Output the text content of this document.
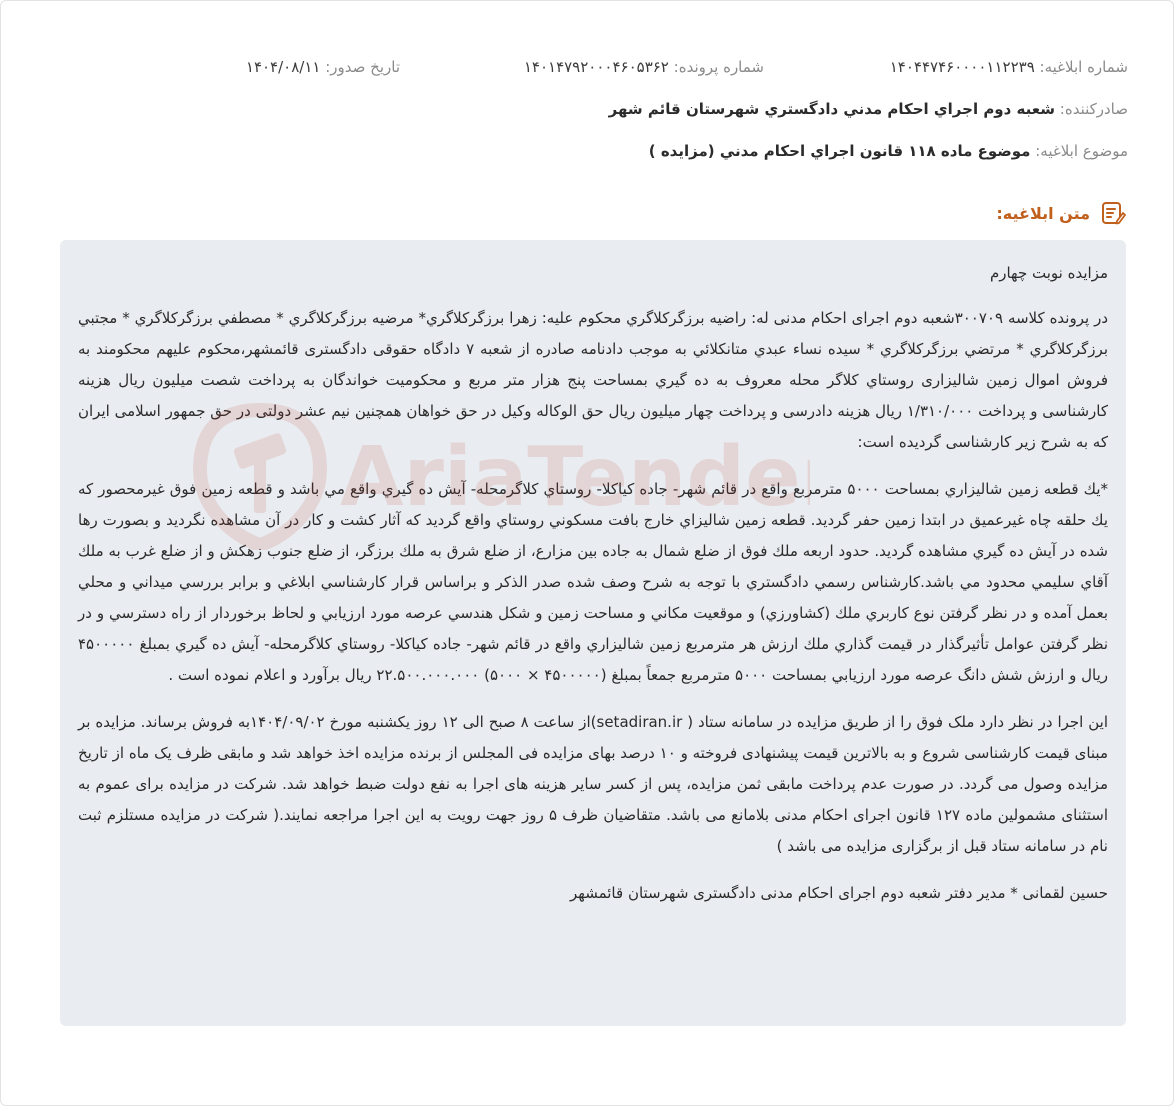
شماره ابلاغیه: ۱۴۰۴۴۷۴۶۰۰۰۰۱۱۲۲۳۹
شماره پرونده: ۱۴۰۱۴۷۹۲۰۰۰۴۶۰۵۳۶۲
تاریخ صدور: ۱۴۰۴/۰۸/۱۱
صادرکننده: شعبه دوم اجراي احكام مدني دادگستري شهرستان قائم شهر
موضوع ابلاغیه: موضوع ماده ۱۱۸ قانون اجراي احكام مدني (مزايده )
متن ابلاغیه:

مزایده نوبت چهارم

در پرونده كلاسه ۳۰۰۷۰۹شعبه دوم اجرای احکام مدنی له: راضيه برزگركلاگري محكوم عليه: زهرا برزگركلاگري* مرضيه برزگركلاگري * مصطفي برزگركلاگري * مجتبي برزگركلاگري * مرتضي برزگركلاگري * سيده نساء عبدي متانكلائي به موجب دادنامه صادره از شعبه ۷ دادگاه حقوقی دادگستری قائمشهر،محکوم علیهم محکومند به فروش اموال زمین شالیزاری روستاي كلاگر محله معروف به ده گيري بمساحت پنج هزار متر مربع و محکومیت خواندگان به پرداخت شصت میلیون ریال هزینه کارشناسی و پرداخت ۱/۳۱۰/۰۰۰ ریال هزینه دادرسی و پرداخت چهار میلیون ریال حق الوکاله وکیل در حق خواهان همچنین نیم عشر دولتی در حق جمهور اسلامی ایران که به شرح زیر کارشناسی گردیده است:

*يك قطعه زمين شاليزاري بمساحت ۵۰۰۰ مترمربع واقع در قائم شهر- جاده كياكلا- روستاي كلاگرمحله- آيش ده گيري واقع مي باشد و قطعه زمين فوق غيرمحصور كه يك حلقه چاه غيرعميق در ابتدا زمين حفر گرديد. قطعه زمين شاليزاي خارج بافت مسكوني روستاي واقع گرديد كه آثار كشت و كار در آن مشاهده نگرديد و بصورت رها شده در آيش ده گيري مشاهده گرديد. حدود اربعه ملك فوق از ضلع شمال به جاده بين مزارع، از ضلع شرق به ملك برزگر، از ضلع جنوب زهكش و از ضلع غرب به ملك آقاي سليمي محدود مي باشد.كارشناس رسمي دادگستري با توجه به شرح وصف شده صدر الذكر و براساس قرار كارشناسي ابلاغي و برابر بررسي ميداني و محلي بعمل آمده و در نظر گرفتن نوع كاربري ملك (كشاورزي) و موقعيت مكاني و مساحت زمين و شكل هندسي عرصه مورد ارزيابي و لحاظ برخوردار از راه دسترسي و در نظر گرفتن عوامل تأثيرگذار در قيمت گذاري ملك ارزش هر مترمربع زمين شاليزاري واقع در قائم شهر- جاده كياكلا- روستاي كلاگرمحله- آيش ده گيري بمبلغ ۴۵۰۰۰۰۰ ريال و ارزش شش دانگ عرصه مورد ارزيابي بمساحت ۵۰۰۰ مترمربع جمعاً بمبلغ (۴۵۰۰۰۰۰ × ۵۰۰۰) ۲۲.۵۰۰.۰۰۰.۰۰۰ ريال برآورد و اعلام نموده است .

این اجرا در نظر دارد ملک فوق را از طریق مزایده در سامانه ستاد ( setadiran.ir)از ساعت ۸ صبح الی ۱۲ روز یکشنبه مورخ ۱۴۰۴/۰۹/۰۲به فروش برساند. مزایده بر مبنای قیمت کارشناسی شروع و به بالاترین قیمت پیشنهادی فروخته و ۱۰ درصد بهای مزایده فی المجلس از برنده مزایده اخذ خواهد شد و مابقی ظرف یک ماه از تاریخ مزایده وصول می گردد. در صورت عدم پرداخت مابقی ثمن مزایده، پس از کسر سایر هزینه های اجرا به نفع دولت ضبط خواهد شد. شرکت در مزایده برای عموم به استثنای مشمولین ماده ۱۲۷ قانون اجرای احکام مدنی بلامانع می باشد. متقاضیان ظرف ۵ روز جهت رویت به این اجرا مراجعه نمایند.( شرکت در مزایده مستلزم ثبت نام در سامانه ستاد قبل از برگزاری مزایده می باشد )

حسین لقمانی * مدیر دفتر شعبه دوم اجرای احکام مدنی دادگستری شهرستان قائمشهر
